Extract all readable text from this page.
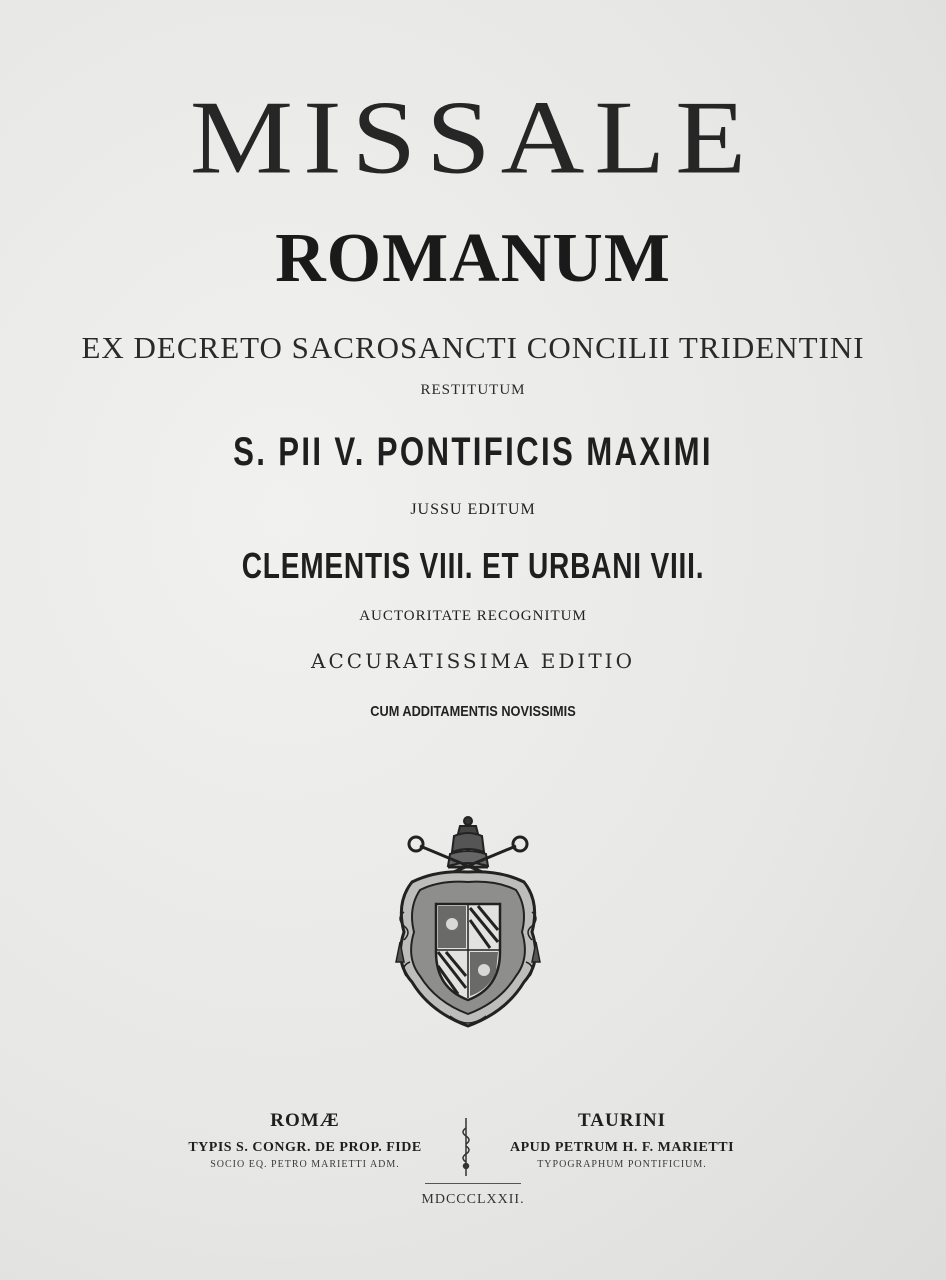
MISSALE
ROMANUM
EX DECRETO SACROSANCTI CONCILII TRIDENTINI
RESTITUTUM
S. PII V. PONTIFICIS MAXIMI
JUSSU EDITUM
CLEMENTIS VIII. ET URBANI VIII.
AUCTORITATE RECOGNITUM
ACCURATISSIMA EDITIO
CUM ADDITAMENTIS NOVISSIMIS
ROMÆ
TYPIS S. CONGR. DE PROP. FIDE
SOCIO EQ. PETRO MARIETTI ADM.
TAURINI
APUD PETRUM H. F. MARIETTI
TYPOGRAPHUM PONTIFICIUM.
MDCCCLXXII.
